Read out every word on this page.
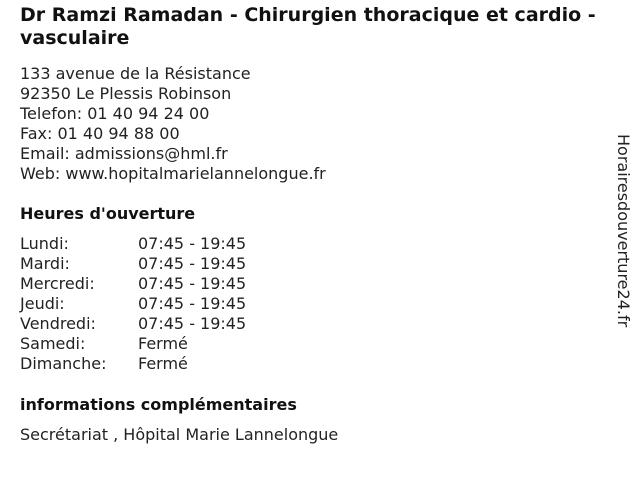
Dr Ramzi Ramadan - Chirurgien thoracique et cardio -vasculaire
133 avenue de la Résistance
92350 Le Plessis Robinson
Telefon: 01 40 94 24 00
Fax: 01 40 94 88 00
Email: admissions@hml.fr
Web: www.hopitalmarielannelongue.fr
Heures d'ouverture
Lundi:	07:45 - 19:45
Mardi:	07:45 - 19:45
Mercredi:	07:45 - 19:45
Jeudi:	07:45 - 19:45
Vendredi:	07:45 - 19:45
Samedi:	Fermé
Dimanche: Fermé
informations complémentaires
Secrétariat , Hôpital Marie Lannelongue
Horairesdouverture24.fr
